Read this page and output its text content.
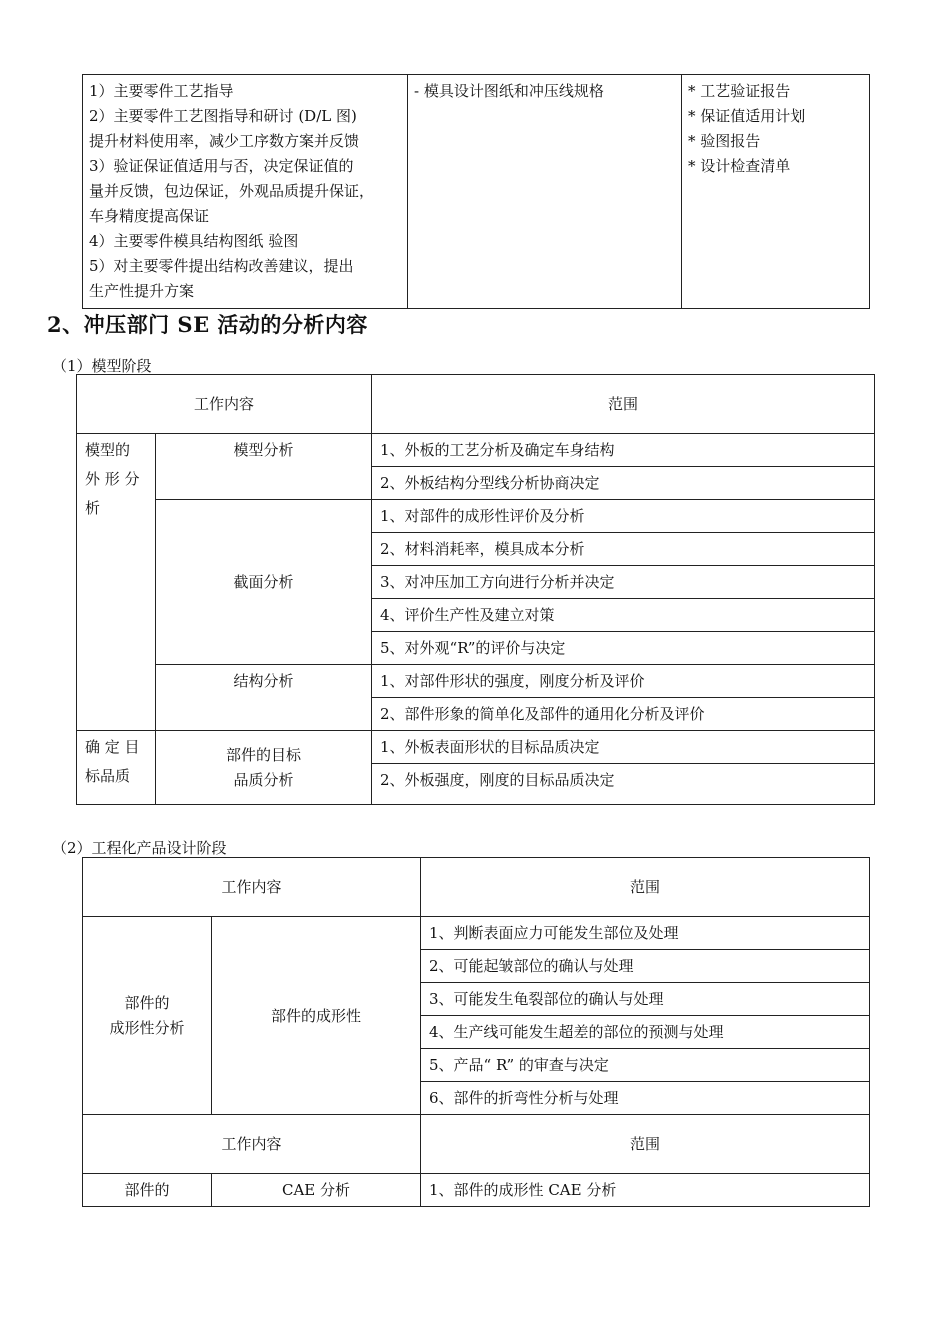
1）主要零件工艺指导
2）主要零件工艺图指导和研讨 (D/L 图)
提升材料使用率，减少工序数方案并反馈
3）验证保证值适用与否，决定保证值的
量并反馈，包边保证，外观品质提升保证，
车身精度提高保证
4）主要零件模具结构图纸 验图
5）对主要零件提出结构改善建议，提出
生产性提升方案

- 模具设计图纸和冲压线规格	* 工艺验证报告
* 保证值适用计划
* 验图报告
* 设计检查清单
2、冲压部门 SE 活动的分析内容
（1）模型阶段
工作内容		范围

模型的
外 形 分
析	模型分析	1、外板的工艺分析及确定车身结构
		2、外板结构分型线分析协商决定
	截面分析	1、对部件的成形性评价及分析
		2、材料消耗率，模具成本分析
		3、对冲压加工方向进行分析并决定
		4、评价生产性及建立对策
		5、对外观“R”的评价与决定
	结构分析	1、对部件形状的强度，刚度分析及评价
		2、部件形象的简单化及部件的通用化分析及评价

确 定 目
标品质	部件的目标
品质分析	1、外板表面形状的目标品质决定
		2、外板强度，刚度的目标品质决定
（2）工程化产品设计阶段
工作内容		范围

部件的
成形性分析	部件的成形性	1、判断表面应力可能发生部位及处理
		2、可能起皱部位的确认与处理
		3、可能发生龟裂部位的确认与处理
		4、生产线可能发生超差的部位的预测与处理
		5、产品“ R” 的审查与决定
		6、部件的折弯性分析与处理
工作内容		范围
部件的	CAE 分析	1、部件的成形性 CAE 分析
